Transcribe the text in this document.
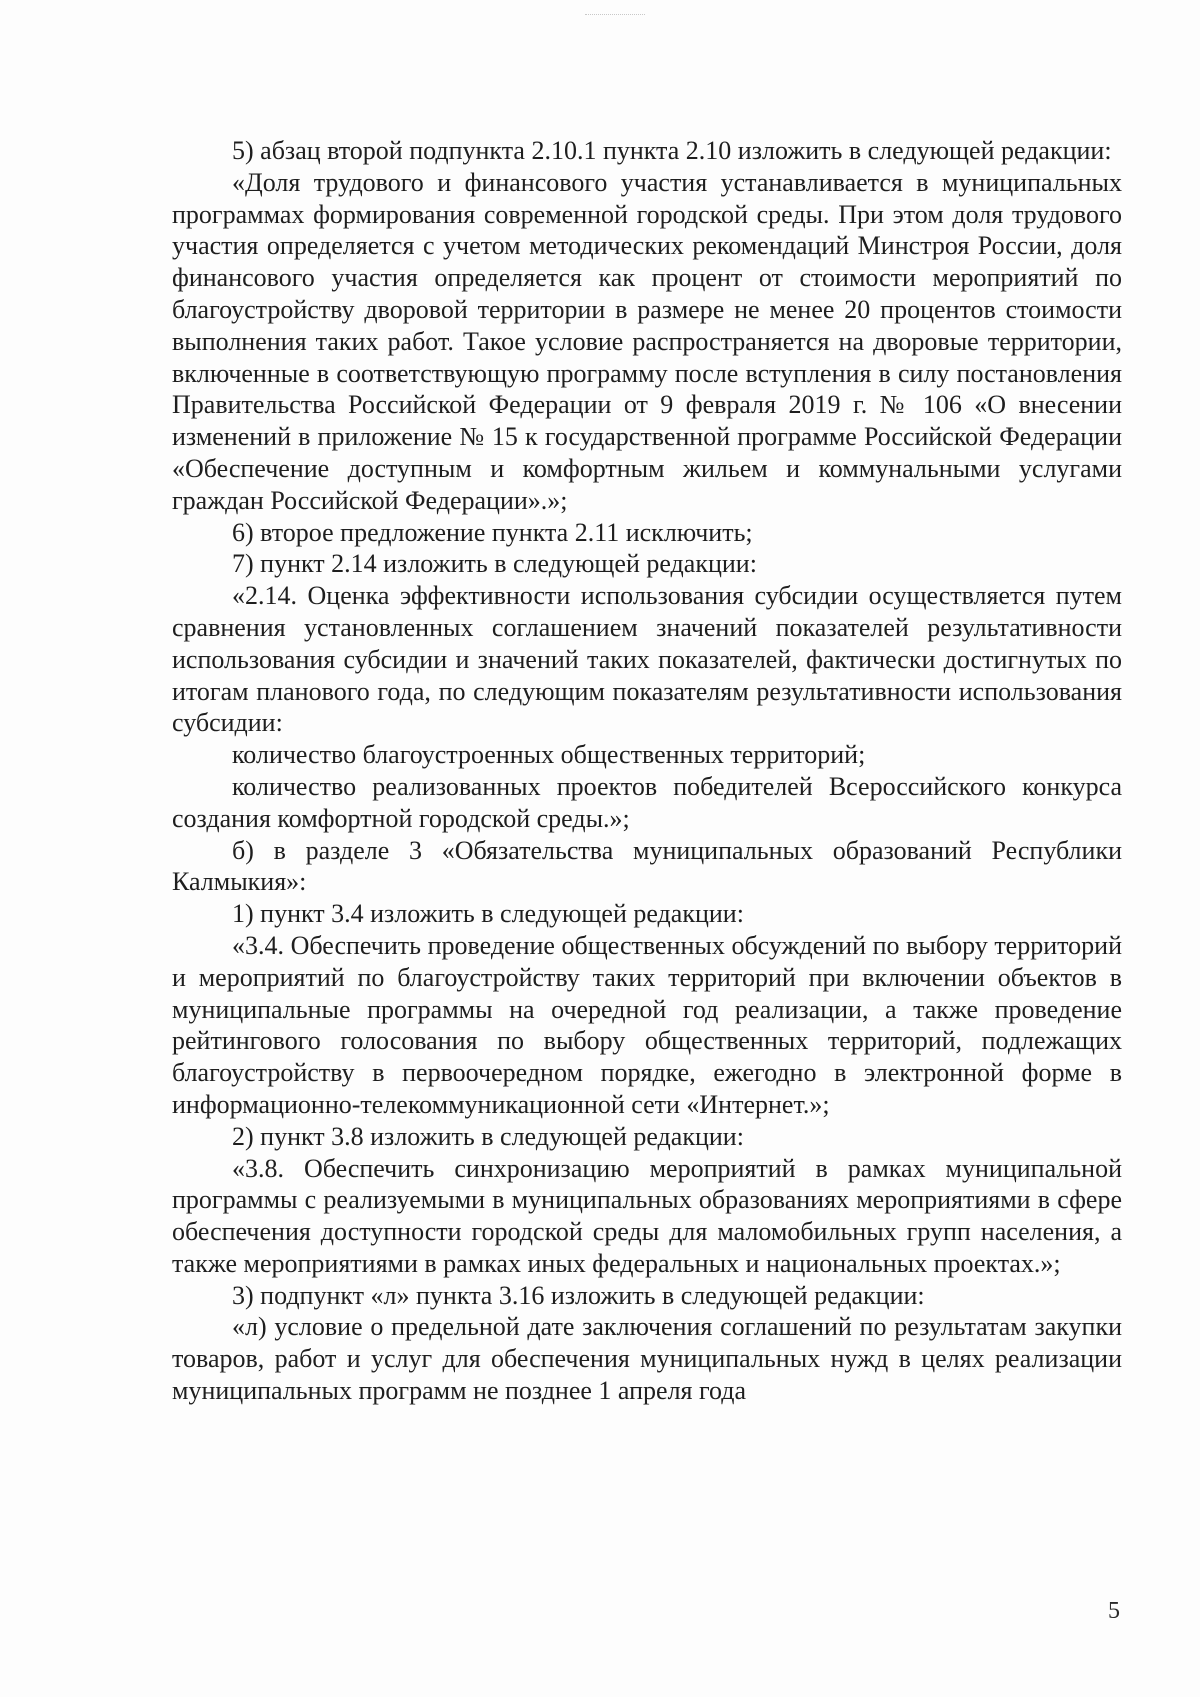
5) абзац второй подпункта 2.10.1 пункта 2.10 изложить в следующей редакции:

«Доля трудового и финансового участия устанавливается в муниципальных программах формирования современной городской среды. При этом доля трудового участия определяется с учетом методических рекомендаций Минстроя России, доля финансового участия определяется как процент от стоимости мероприятий по благоустройству дворовой территории в размере не менее 20 процентов стоимости выполнения таких работ. Такое условие распространяется на дворовые территории, включенные в соответствующую программу после вступления в силу постановления Правительства Российской Федерации от 9 февраля 2019 г. № 106 «О внесении изменений в приложение № 15 к государственной программе Российской Федерации «Обеспечение доступным и комфортным жильем и коммунальными услугами граждан Российской Федерации».»;

6) второе предложение пункта 2.11 исключить;

7) пункт 2.14 изложить в следующей редакции:

«2.14. Оценка эффективности использования субсидии осуществляется путем сравнения установленных соглашением значений показателей результативности использования субсидии и значений таких показателей, фактически достигнутых по итогам планового года, по следующим показателям результативности использования субсидии:

количество благоустроенных общественных территорий;

количество реализованных проектов победителей Всероссийского конкурса создания комфортной городской среды.»;

б) в разделе 3 «Обязательства муниципальных образований Республики Калмыкия»:

1) пункт 3.4 изложить в следующей редакции:

«3.4. Обеспечить проведение общественных обсуждений по выбору территорий и мероприятий по благоустройству таких территорий при включении объектов в муниципальные программы на очередной год реализации, а также проведение рейтингового голосования по выбору общественных территорий, подлежащих благоустройству в первоочередном порядке, ежегодно в электронной форме в информационно-телекоммуникационной сети «Интернет.»;

2) пункт 3.8 изложить в следующей редакции:

«3.8. Обеспечить синхронизацию мероприятий в рамках муниципальной программы с реализуемыми в муниципальных образованиях мероприятиями в сфере обеспечения доступности городской среды для маломобильных групп населения, а также мероприятиями в рамках иных федеральных и национальных проектах.»;

3) подпункт «л» пункта 3.16 изложить в следующей редакции:

«л) условие о предельной дате заключения соглашений по результатам закупки товаров, работ и услуг для обеспечения муниципальных нужд в целях реализации муниципальных программ не позднее 1 апреля года

5
